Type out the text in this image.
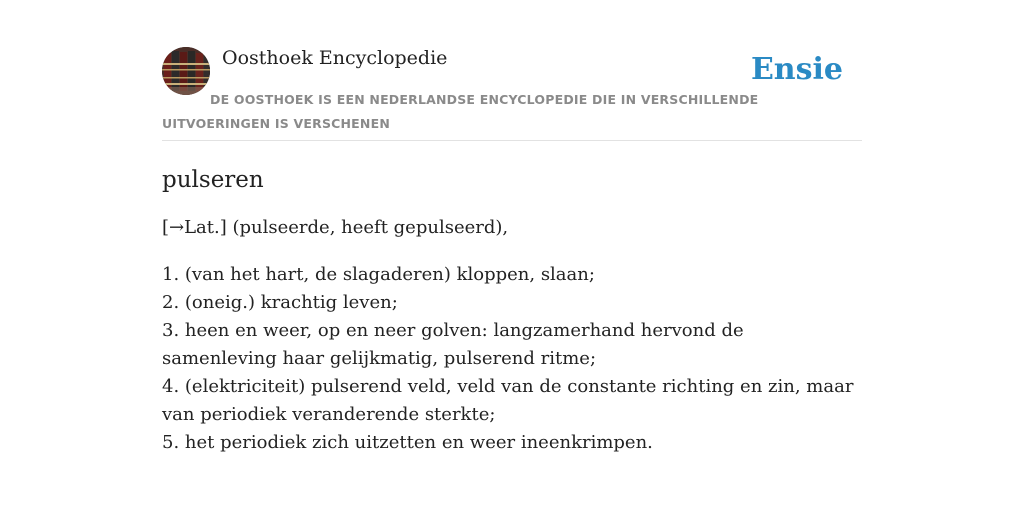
Oosthoek Encyclopedie	Ensie
DE OOSTHOEK IS EEN NEDERLANDSE ENCYCLOPEDIE DIE IN VERSCHILLENDE UITVOERINGEN IS VERSCHENEN
pulseren

[→Lat.] (pulseerde, heeft gepulseerd),

1. (van het hart, de slagaderen) kloppen, slaan;
2. (oneig.) krachtig leven;
3. heen en weer, op en neer golven: langzamerhand hervond de samenleving haar gelijkmatig, pulserend ritme;
4. (elektriciteit) pulserend veld, veld van de constante richting en zin, maar van periodiek veranderende sterkte;
5. het periodiek zich uitzetten en weer ineenkrimpen.
